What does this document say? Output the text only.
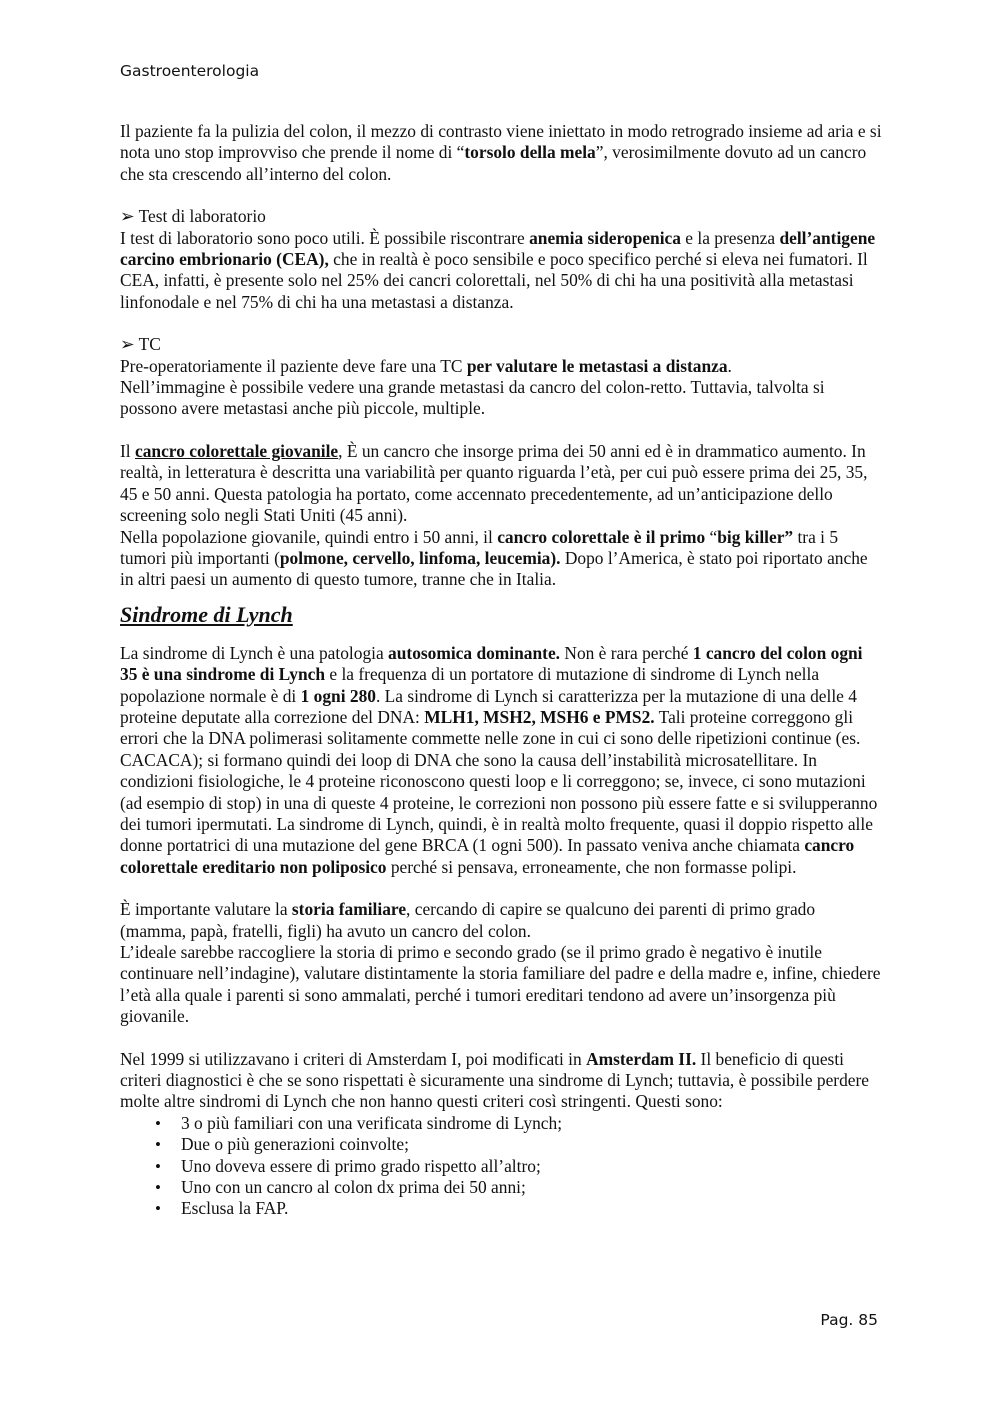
Gastroenterologia

Il paziente fa la pulizia del colon, il mezzo di contrasto viene iniettato in modo retrogrado insieme ad aria e si nota uno stop improvviso che prende il nome di “torsolo della mela”, verosimilmente dovuto ad un cancro che sta crescendo all’interno del colon.

➢ Test di laboratorio

I test di laboratorio sono poco utili. È possibile riscontrare anemia sideropenica e la presenza dell’antigene carcino embrionario (CEA), che in realtà è poco sensibile e poco specifico perché si eleva nei fumatori. Il CEA, infatti, è presente solo nel 25% dei cancri colorettali, nel 50% di chi ha una positività alla metastasi linfonodale e nel 75% di chi ha una metastasi a distanza.

➢ TC

Pre-operatoriamente il paziente deve fare una TC per valutare le metastasi a distanza.

Nell’immagine è possibile vedere una grande metastasi da cancro del colon-retto. Tuttavia, talvolta si possono avere metastasi anche più piccole, multiple.

Il cancro colorettale giovanile, È un cancro che insorge prima dei 50 anni ed è in drammatico aumento. In realtà, in letteratura è descritta una variabilità per quanto riguarda l’età, per cui può essere prima dei 25, 35, 45 e 50 anni. Questa patologia ha portato, come accennato precedentemente, ad un’anticipazione dello screening solo negli Stati Uniti (45 anni).

Nella popolazione giovanile, quindi entro i 50 anni, il cancro colorettale è il primo “big killer” tra i 5 tumori più importanti (polmone, cervello, linfoma, leucemia). Dopo l’America, è stato poi riportato anche in altri paesi un aumento di questo tumore, tranne che in Italia.

Sindrome di Lynch

La sindrome di Lynch è una patologia autosomica dominante. Non è rara perché 1 cancro del colon ogni 35 è una sindrome di Lynch e la frequenza di un portatore di mutazione di sindrome di Lynch nella popolazione normale è di 1 ogni 280. La sindrome di Lynch si caratterizza per la mutazione di una delle 4 proteine deputate alla correzione del DNA: MLH1, MSH2, MSH6 e PMS2. Tali proteine correggono gli errori che la DNA polimerasi solitamente commette nelle zone in cui ci sono delle ripetizioni continue (es. CACACA); si formano quindi dei loop di DNA che sono la causa dell’instabilità microsatellitare. In condizioni fisiologiche, le 4 proteine riconoscono questi loop e li correggono; se, invece, ci sono mutazioni (ad esempio di stop) in una di queste 4 proteine, le correzioni non possono più essere fatte e si svilupperanno dei tumori ipermutati. La sindrome di Lynch, quindi, è in realtà molto frequente, quasi il doppio rispetto alle donne portatrici di una mutazione del gene BRCA (1 ogni 500). In passato veniva anche chiamata cancro colorettale ereditario non poliposico perché si pensava, erroneamente, che non formasse polipi.

È importante valutare la storia familiare, cercando di capire se qualcuno dei parenti di primo grado (mamma, papà, fratelli, figli) ha avuto un cancro del colon.

L’ideale sarebbe raccogliere la storia di primo e secondo grado (se il primo grado è negativo è inutile continuare nell’indagine), valutare distintamente la storia familiare del padre e della madre e, infine, chiedere l’età alla quale i parenti si sono ammalati, perché i tumori ereditari tendono ad avere un’insorgenza più giovanile.

Nel 1999 si utilizzavano i criteri di Amsterdam I, poi modificati in Amsterdam II. Il beneficio di questi criteri diagnostici è che se sono rispettati è sicuramente una sindrome di Lynch; tuttavia, è possibile perdere molte altre sindromi di Lynch che non hanno questi criteri così stringenti. Questi sono:

• 3 o più familiari con una verificata sindrome di Lynch;
• Due o più generazioni coinvolte;
• Uno doveva essere di primo grado rispetto all’altro;
• Uno con un cancro al colon dx prima dei 50 anni;
• Esclusa la FAP.
Pag. 85
